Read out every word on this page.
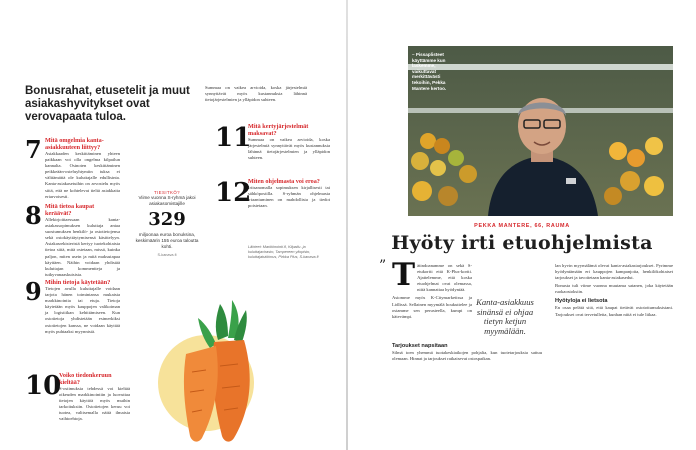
Bonusrahat, etusetelit ja muut asiakashyvitykset ovat verovapaata tuloa.
7 Mitä omgelmia kanta-asiakkuuteen liittyy?
Asiakkaaden keskittäminen yhteen paikkaan voi olla ongelma kilpailun kannalta. Osinoten keskittäminen peikkeään-osteluyhtymiin tuksa ei välttämättä ole kuluttajalle edullisinta. Kanta-asiakasetuihin on arvostelu myös siitä, että ne kohtelevat tieltä asiakkaita eriarvoisesti.
8 Mitä tietoa kaupat keräävät?
Allekirjoittaessaan kanta-asiakassopimuksen kuluttaja antaa suostumuksen henkilö- ja ostotietojensa sekä ostokäyttäytymisensä käsittelyyn. Asiakasrekisteristä kertyy tuotekohtaista tietoa siitä, mitä ostetaan, missä, kuinka paljon, miten usein ja mitä maksutapaa käyttäen. Näihin voidaan yhdistää kuluttajan kommentteja ja tutkyvanaaskuisista.
9 Mihin tietoja käytetään?
Tietojen avulla kuluttajalle voidaan tarjota hänen toimintansa mukaista markkinointia tai etuja. Tietoja käytetään myös kauppojen valikoiman ja logistiikan kehittämiseen. Kun ostotietoja yhdistetään esimerkiksi ostotietojen kanssa, ne voidaan käyttää myös puhtaaksi myynnistä.
10
Voiko tiedonkeruun kieltää?
S-ostimuksia tehdessä voi kieltää oikeuden markkinointiin ja luovuttaa tietojen käyttöä myös muihin tarkoituksiin. Ostotietojen keruu voi tuotea, valitsemalla näitä ilmaisia vaihtoehtoja.
Summaa on vaikea arvioida, koska järjestelmiä synnyttävät myös kustannuksia lähinnä tietojärjestelmien ja ylläpidon suhteen.
11
Mitä kertyjärjestelmät maksavat?
Summaa on vaikea arvioida, koska järjestelmiä synnyttävät myös kustannuksia lähinnä tietojärjestelmien ja ylläpidon suhteen.
12
Miten ohjelmasta voi eroa?
Irtisanomalla sopimuksen kirjallisesti tai sähköpostilla. S-ryhmän ohjelmasta irtaantuminen on mahdollista ja tiedot poistetaan.
Lähteet: Markkinointi.fi, Kilpailu- ja kuluttajavirasto, Tampereen yliopisto, kuluttajatutkimus, Pirkka Plus, S-kanava.fi
TIESITKÖ?
Viime vuonna S-ryhmä jakoi asiakasomistajille
329
miljoonaa euroa bonuksina, keskimäärin 155 euroa taloutta kohti.
S-kanava.fi
– Pissaplisteet käyttämme kun laskemme, vaikuttavat merkittävästi tekoihin, Pekka Mantere kertoo.
PEKKA MANTERE, 66, RAUMA
Hyöty irti etuohjelmista
” T ätindoanamme on sekä S- etukortti että K-Plus-kortti. Ajattelemme, että koska etuohjelmat ovat olemassa, niitä kannattaa hyödyntää.
Asiomme myös K-Citymarketissa ja Lidlissä. Sellainen myymälä houkuttelee ja ostamme sen perusteella, kumpi on kätevämpi.
Tarjoukset napsitaan
Silmä toen yhemmä tuotakeskiaikojen pohjalta, kun tuotetarjouksia sattuu olemaan. Hinnat ja tarjoukset ratkaisevat ostospaikan.
Kanta-asiakkuus sinänsä ei ohjaa tietyn ketjun myymälään.
lan hyvin myymälämä olevat kanta-asiakastarjoukset. Pyrimme hyödyntämään eri kauppojen kampanjoita, henkilökohtaiset tarjoukset ja tavoitetaan kanta-asiakasedut.
Bonusta tuli viime vuonna muutama satanen, joka käytetään ruokaostoksiin.
Hyötyloja ei lietsota
En osaa pelätä sitä, että kaupat tietävät ostotottumuksistani. Tarjoukset ovat tervetulleita, kunhan niitä ei tule liikaa.
